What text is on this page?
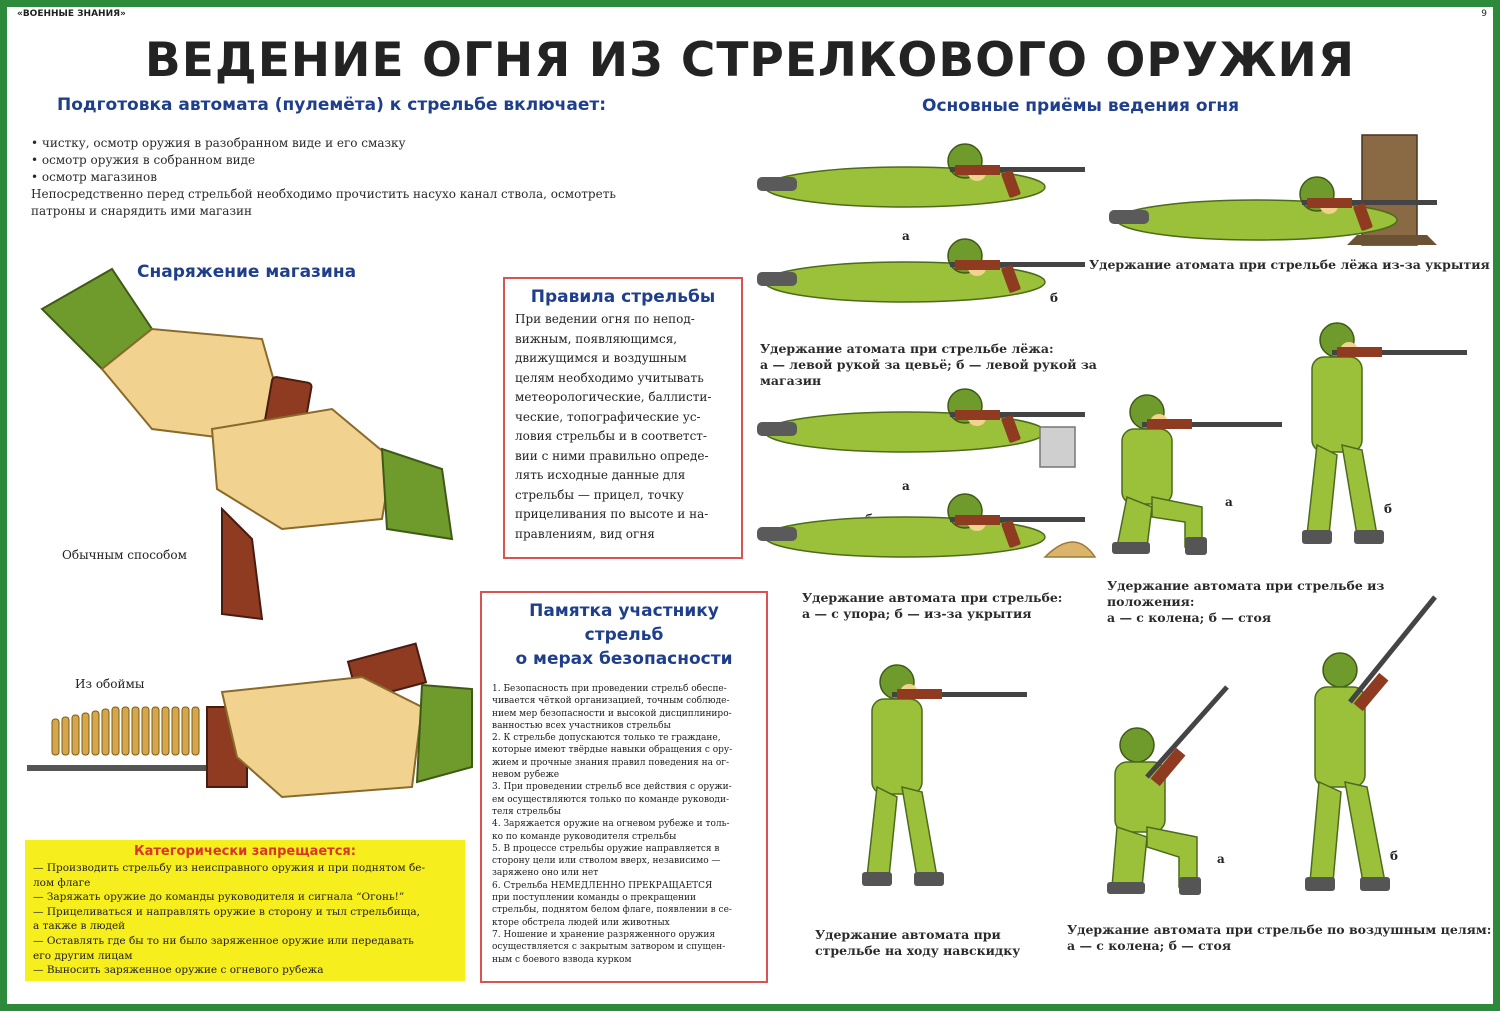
«ВОЕННЫЕ ЗНАНИЯ»	9
ВЕДЕНИЕ ОГНЯ ИЗ СТРЕЛКОВОГО ОРУЖИЯ
Подготовка автомата (пулемёта) к стрельбе включает:
• чистку, осмотр оружия в разобранном виде и его смазку
• осмотр оружия в собранном виде
• осмотр магазинов
Непосредственно перед стрельбой необходимо прочистить насухо канал ствола, осмотреть
патроны и снарядить ими магазин
Снаряжение магазина
Обычным способом
Из обоймы
Категорически запрещается:
— Производить стрельбу из неисправного оружия и при поднятом бе-
лом флаге
— Заряжать оружие до команды руководителя и сигнала “Огонь!”
— Прицеливаться и направлять оружие в сторону и тыл стрельбища,
а также в людей
— Оставлять где бы то ни было заряженное оружие или передавать
его другим лицам
— Выносить заряженное оружие с огневого рубежа
Правила стрельбы
При ведении огня по непод-
вижным, появляющимся,
движущимся и воздушным
целям необходимо учитывать
метеорологические, баллисти-
ческие, топографические ус-
ловия стрельбы и в соответст-
вии с ними правильно опреде-
лять исходные данные для
стрельбы — прицел, точку
прицеливания по высоте и на-
правлениям, вид огня
Памятка участнику
стрельб
о мерах безопасности
1. Безопасность при проведении стрельб обеспе-
чивается чёткой организацией, точным соблюде-
нием мер безопасности и высокой дисциплиниро-
ванностью всех участников стрельбы
2. К стрельбе допускаются только те граждане,
которые имеют твёрдые навыки обращения с ору-
жием и прочные знания правил поведения на ог-
невом рубеже
3. При проведении стрельб все действия с оружи-
ем осуществляются только по команде руководи-
теля стрельбы
4. Заряжается оружие на огневом рубеже и толь-
ко по команде руководителя стрельбы
5. В процессе стрельбы оружие направляется в
сторону цели или стволом вверх, независимо —
заряжено оно или нет
6. Стрельба НЕМЕДЛЕННО ПРЕКРАЩАЕТСЯ
при поступлении команды о прекращении
стрельбы, поднятом белом флаге, появлении в се-
кторе обстрела людей или животных
7. Ношение и хранение разряженного оружия
осуществляется с закрытым затвором и спущен-
ным с боевого взвода курком
Основные приёмы ведения огня
а
Удержание атомата при стрельбе лёжа из-за укрытия
б
Удержание атомата при стрельбе лёжа:
а — левой рукой за цевьё; б — левой рукой за
магазин
а
Удержание автомата при стрельбе:
а — с упора; б — из-за укрытия
а	б
Удержание автомата при стрельбе из
положения:
а — с колена; б — стоя
Удержание автомата при
стрельбе на ходу навскидку
а	б
Удержание автомата при стрельбе по воздушным целям:
а — с колена; б — стоя
